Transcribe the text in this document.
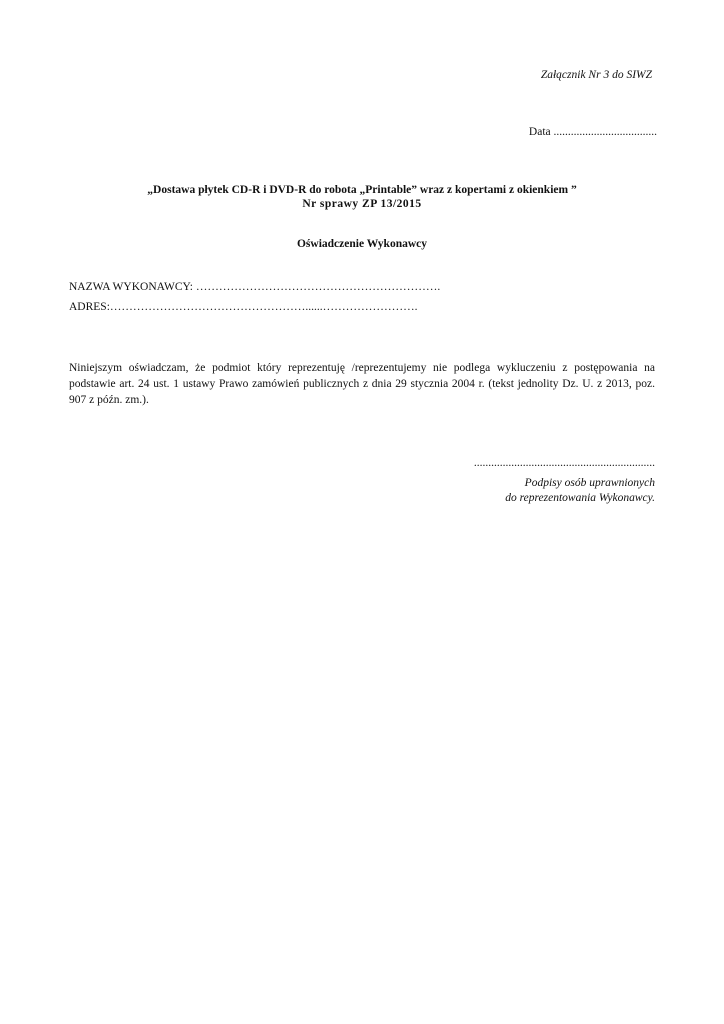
Załącznik Nr 3 do SIWZ
Data ....................................
„Dostawa płytek CD-R i DVD-R do robota „Printable” wraz z kopertami z okienkiem ”
Nr sprawy ZP 13/2015
Oświadczenie Wykonawcy
NAZWA WYKONAWCY: ……………………………………………………….
ADRES:……………………………………………......…………………….
Niniejszym oświadczam, że podmiot który reprezentuję /reprezentujemy nie podlega wykluczeniu z postępowania na podstawie art. 24 ust. 1 ustawy Prawo zamówień publicznych z dnia 29 stycznia 2004 r. (tekst jednolity Dz. U. z 2013, poz. 907 z późn. zm.).
...............................................................
Podpisy osób uprawnionych
do reprezentowania Wykonawcy.
